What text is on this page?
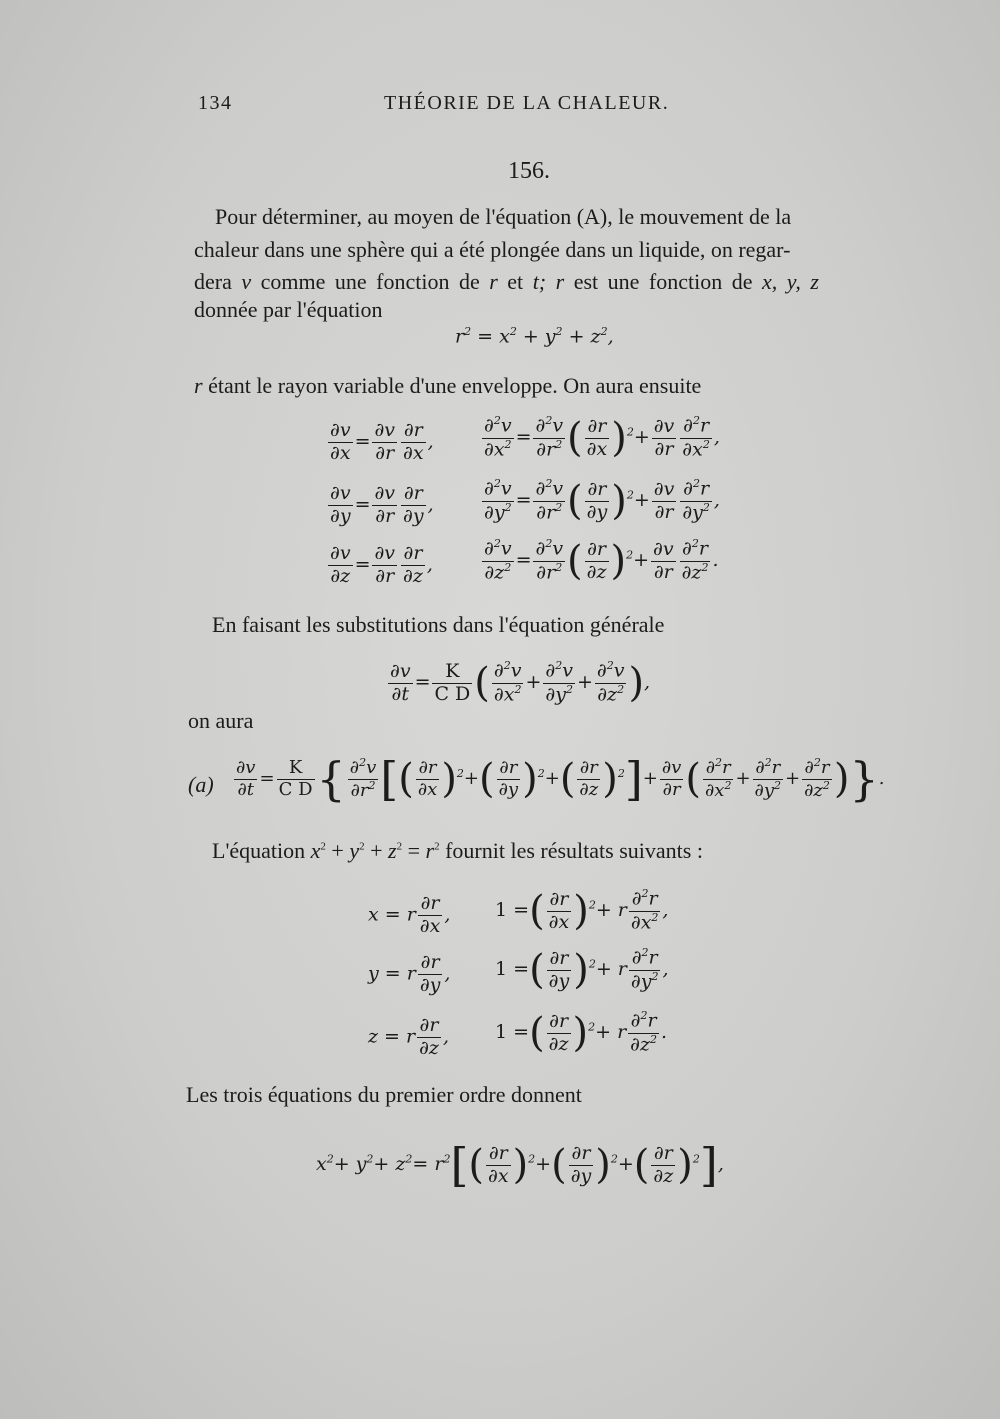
134	THÉORIE DE LA CHALEUR.
156.
Pour déterminer, au moyen de l'équation (A), le mouvement de la
chaleur dans une sphère qui a été plongée dans un liquide, on regar-
dera v comme une fonction de r et t; r est une fonction de x, y, z
donnée par l'équation
$r^2 = x^2 + y^2 + z^2$,
r étant le rayon variable d'une enveloppe. On aura ensuite
$\frac{\partial v}{\partial x} = \frac{\partial v}{\partial r} \frac{\partial r}{\partial x}$ ,	$\frac{\partial^2v}{\partial x^2} = \frac{\partial^2v}{\partial r^2}$ ( $\frac{\partial r}{\partial x} )^2+ \frac{\partial v}{\partial r} \frac{\partial^2r}{\partial x^2}$ ,
$\frac{\partial v}{\partial y} = \frac{\partial v}{\partial r} \frac{\partial r}{\partial y}$ ,	$\frac{\partial^2v}{\partial y^2} = \frac{\partial^2v}{\partial r^2}$ ( $\frac{\partial r}{\partial y} )^2+ \frac{\partial v}{\partial r} \frac{\partial^2r}{\partial y^2}$ ,
$\frac{\partial v}{\partial z} = \frac{\partial v}{\partial r} \frac{\partial r}{\partial z}$ ,	$\frac{\partial^2v}{\partial z^2} = \frac{\partial^2v}{\partial r^2}$ ( $\frac{\partial r}{\partial z} )^2+ \frac{\partial v}{\partial r} \frac{\partial^2r}{\partial z^2}$ .
En faisant les substitutions dans l'équation générale
$\frac{\partial v}{\partial t} = \frac{K}{\text{C D}}$ ( $\frac{\partial^2v}{\partial x^2} + \frac{\partial^2v}{\partial y^2} + \frac{\partial^2v}{\partial z^2}$ ),
on aura
$(a) \frac{\partial v}{\partial t} = \frac{K}{\text{C D}}$ { $\frac{\partial^2v}{\partial r^2}$ [( $\frac{\partial r}{\partial x} )^2+( \frac{\partial r}{\partial y} )^2+( \frac{\partial r}{\partial z} )^2]+ \frac{\partial v}{\partial r}$ ( $\frac{\partial^2r}{\partial x^2} + \frac{\partial^2r}{\partial y^2} + \frac{\partial^2r}{\partial z^2}$ )}.
L'équation $x^2 + y^2 + z^2 = r^2$ fournit les résultats suivants :
x = r $\frac{\partial r}{\partial x}$ , 1 =( $\frac{\partial r}{\partial x} )^2+ r \frac{\partial^2r}{\partial x^2}$ ,
y = r $\frac{\partial r}{\partial y}$ , 1 =( $\frac{\partial r}{\partial y} )^2+ r \frac{\partial^2r}{\partial y^2}$ ,
z = r $\frac{\partial r}{\partial z}$ , 1 =( $\frac{\partial r}{\partial z} )^2+ r \frac{\partial^2r}{\partial z^2}$ .
Les trois équations du premier ordre donnent
$x^2+ y^2+ z^2= r^2[( \frac{\partial r}{\partial x} )^2+( \frac{\partial r}{\partial y} )^2+( \frac{\partial r}{\partial z} )^2]$,
